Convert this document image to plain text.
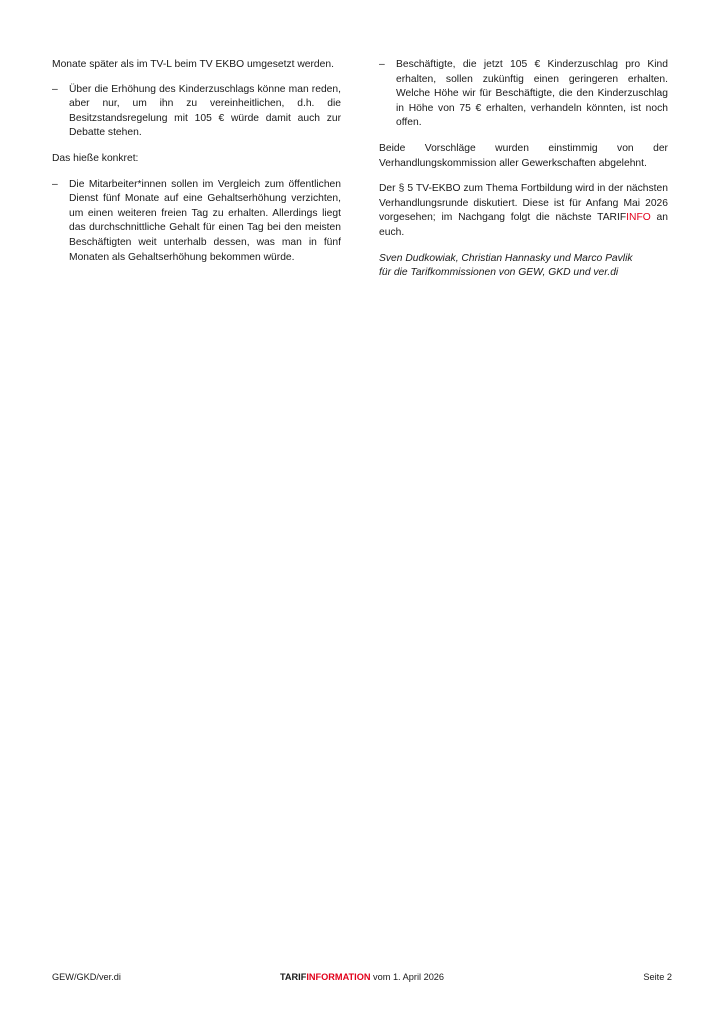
Monate später als im TV-L beim TV EKBO umgesetzt werden.

– Über die Erhöhung des Kinderzuschlags könne man reden, aber nur, um ihn zu vereinheitlichen, d.h. die Besitzstandsregelung mit 105 € würde damit auch zur Debatte stehen.

Das hieße konkret:

– Die Mitarbeiter*innen sollen im Vergleich zum öffentlichen Dienst fünf Monate auf eine Gehaltserhöhung verzichten, um einen weiteren freien Tag zu erhalten. Allerdings liegt das durchschnittliche Gehalt für einen Tag bei den meisten Beschäftigten weit unterhalb dessen, was man in fünf Monaten als Gehaltserhöhung bekommen würde.
– Beschäftigte, die jetzt 105 € Kinderzuschlag pro Kind erhalten, sollen zukünftig einen geringeren erhalten. Welche Höhe wir für Beschäftigte, die den Kinderzuschlag in Höhe von 75 € erhalten, verhandeln könnten, ist noch offen.

Beide Vorschläge wurden einstimmig von der Verhandlungskommission aller Gewerkschaften abgelehnt.

Der § 5 TV-EKBO zum Thema Fortbildung wird in der nächsten Verhandlungsrunde diskutiert. Diese ist für Anfang Mai 2026 vorgesehen; im Nachgang folgt die nächste TARIFINFO an euch.

Sven Dudkowiak, Christian Hannasky und Marco Pavlik

für die Tarifkommissionen von GEW, GKD und ver.di

GEW/GKD/ver.di	TARIFINFORMATION vom 1. April 2026	Seite 2
